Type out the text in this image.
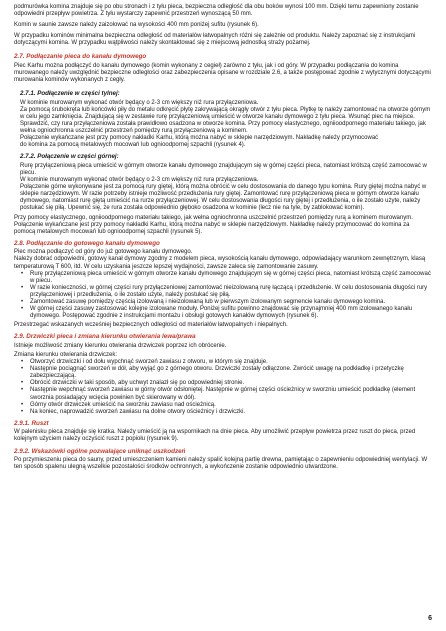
podmurówka komina znajduje się po obu stronach i z tyłu pieca, bezpieczna odległość dla obu boków wynosi 100 mm. Dzięki temu zapewniony zostanie odpowiedni przepływ powietrza. Z tyłu wystarczy zapewnić przestrzeń wynoszącą 50 mm.

Komin w saunie zawsze należy zaizolować na wysokości 400 mm poniżej sufitu (rysunek 6).

W przypadku kominów minimalna bezpieczna odległość od materiałów łatwopalnych różni się zależnie od produktu. Należy zapoznać się z instrukcjami dotyczącymi komina. W przypadku wątpliwości należy skontaktować się z miejscową jednostką straży pożarnej.

2.7. Podłączanie pieca do kanału dymowego

Piec Karhu można podłączyć do kanału dymowego (komin wykonany z cegieł) zarówno z tyłu, jak i od góry. W przypadku podłączania do komina murowanego należy uwzględnić bezpieczne odległości oraz zabezpieczenia opisane w rozdziale 2.6, a także postępować zgodnie z wytycznymi dotyczącymi murowania kominów wykonanych z cegły.

2.7.1. Podłączenie w części tylnej:

W kominie murowanym wykonać otwór będący o 2-3 cm większy niż rura przyłączeniowa.

Za pomocą śrubokręta lub końcówki piły do metalu odkręcić płytę zakrywającą okrągły otwór z tyłu pieca. Płytkę tę należy zamontować na otworze górnym w celu jego zamknięcia. Znajdującą się w zestawie rurę przyłączeniową umieścić w otworze kanału dymowego z tyłu pieca. Wsunąć piec na miejsce. Sprawdzić, czy rura przyłączeniowa została prawidłowo osadzona w otworze komina. Przy pomocy elastycznego, ogniioodpornego materiału takiego, jak wełna ogniochronna uszczelnić przestrzeń pomiędzy rurą przyłączeniową a kominem.

Połączenie wykańczane jest przy pomocy nakładki Karhu, którą można nabyć w sklepie narzędziowym. Nakładkę należy przymocować

do komina za pomocą metalowych mocowań lub ognioodpornej szpachli (rysunek 4).

2.7.2. Połączenie w części górnej:

Rurę przyłączeniową pieca umieścić w górnym otworze kanału dymowego znajdującym się w górnej części pieca, natomiast krótszą część zamocować w piecu.

W kominie murowanym wykonać otwór będący o 2-3 cm większy niż rura przyłączeniowa.

Połączenie górne wykonywane jest za pomocą rury giętej, którą można obrócić w celu dostosowania do danego typu komina. Rury giętej można nabyć w sklepie narzędziowym. W razie potrzeby istnieje możliwość przedłużenia rury giętej. Zamontować rurę przyłączeniową pieca w górnym otworze kanału dymowego, natomiast rurę giętą umieścić na rurze przyłączeniowej. W celu dostosowania długości rury giętej i przedłużenia, o ile zostało użyte, należy postukać się piłą. Upewnić się, że rura została odpowiednio głęboko osadzona w kominie (lecz nie na tyle, by zablokować komin).

Przy pomocy elastycznego, ogniioodpornego materiału takiego, jak wełna ogniochronna uszczelnić przestrzeń pomiędzy rurą a kominem murowanym. Połączenie wykańczane jest przy pomocy nakładki Karhu, którą można nabyć w sklepie narzędziowym. Nakładkę należy przymocować do komina za pomocą metalowych mocowań lub ognioodpornej szpachli (rysunek 5).

2.8. Podłączanie do gotowego kanału dymowego

Piec można podłączyć od góry do już gotowego kanału dymowego.

Należy dobrać odpowiedni, gotowy kanał dymowy zgodny z modelem pieca, wysokością kanału dymowego, odpowiadający warunkom zewnętrznym, klasą temperaturową T 600, itd. W celu uzyskania jeszcze lepszej wydajności, zawsze zaleca się zamontowanie zasuwy.

• Rurę przyłączeniową pieca umieścić w górnym otworze kanału dymowego znajdującym się w górnej części pieca, natomiast krótszą część zamocować w piecu.
• W razie konieczności, w górnej części rury przyłączeniowej zamontować nieizolowaną rurę łączącą i przedłużenie. W celu dostosowania długości rury przyłączeniowej i przedłużenia, o ile zostało użyte, należy postukać się piłą.
• Zamontować zasuwę pomiędzy częścią izolowaną i nieizolowaną lub w pierwszym izolowanym segmencie kanału dymowego komina.
• W górnej części zasuwy zastosować kolejne izolowane moduły. Poniżej sufitu powinno znajdować się przynajmniej 400 mm izolowanego kanału dymowego. Postępować zgodnie z instrukcjami montażu i obsługi gotowych kanałów dymowych (rysunek 6).

Przestrzegać wskazanych wcześniej bezpiecznych odległości od materiałów łatwopalnych i niepalnych.

2.9. Drzwiczki pieca i zmiana kierunku otwierania lewa/prawa

Istnieje możliwość zmiany kierunku otwierania drzwiczek poprzez ich obrócenie.

Zmiana kierunku otwierania drzwiczek:

• Otworzyć drzwiczki i od dołu wypchnąć sworzeń zawiasu z otworu, w którym się znajduje.
• Następnie pociągnąć sworzeń w dół, aby wyjąć go z górnego otworu. Drzwiczki zostały odłączone. Zwrócić uwagę na podkładkę i przetyczkę zabezpieczającą.
• Obrócić drzwiczki w taki sposób, aby uchwyt znalazł się po odpowiedniej stronie.
• Następnie wepchnąć sworzeń zawiasu w górny otwór odsłoniętej. Następnie w górnej części ościeżnicy w sworzniu umieścić podkładkę (element sworznia posiadający wcięcia powinien być skierowany w dół).
• Górny otwór drzwiczek umieścić na sworzniu zawiasu nad ościeżnicą.
• Na koniec, naprowadzić sworzeń zawiasu na dolne otwory ościeżnicy i drzwiczki.
2.9.1. Ruszt

W palenisku pieca znajduje się kratka. Należy umieścić ją na wspornikach na dnie pieca. Aby umożliwić przepływ powietrza przez ruszt do pieca, przed kolejnym użyciem należy oczyścić ruszt z popiołu (rysunek 9).

2.9.2. Wskazówki ogólne pozwalające uniknąć uszkodzeń

Po przymieszeniu pieca do sauny, przed umieszczeniem kamieni należy spalić kolejną partię drewna, pamiętając o zapewnieniu odpowiedniej wentylacji. W ten sposób spalenu ulegną wszelkie pozostałości środków ochronnych, a wykończenie zostanie odpowiednio utwardzone.

6
